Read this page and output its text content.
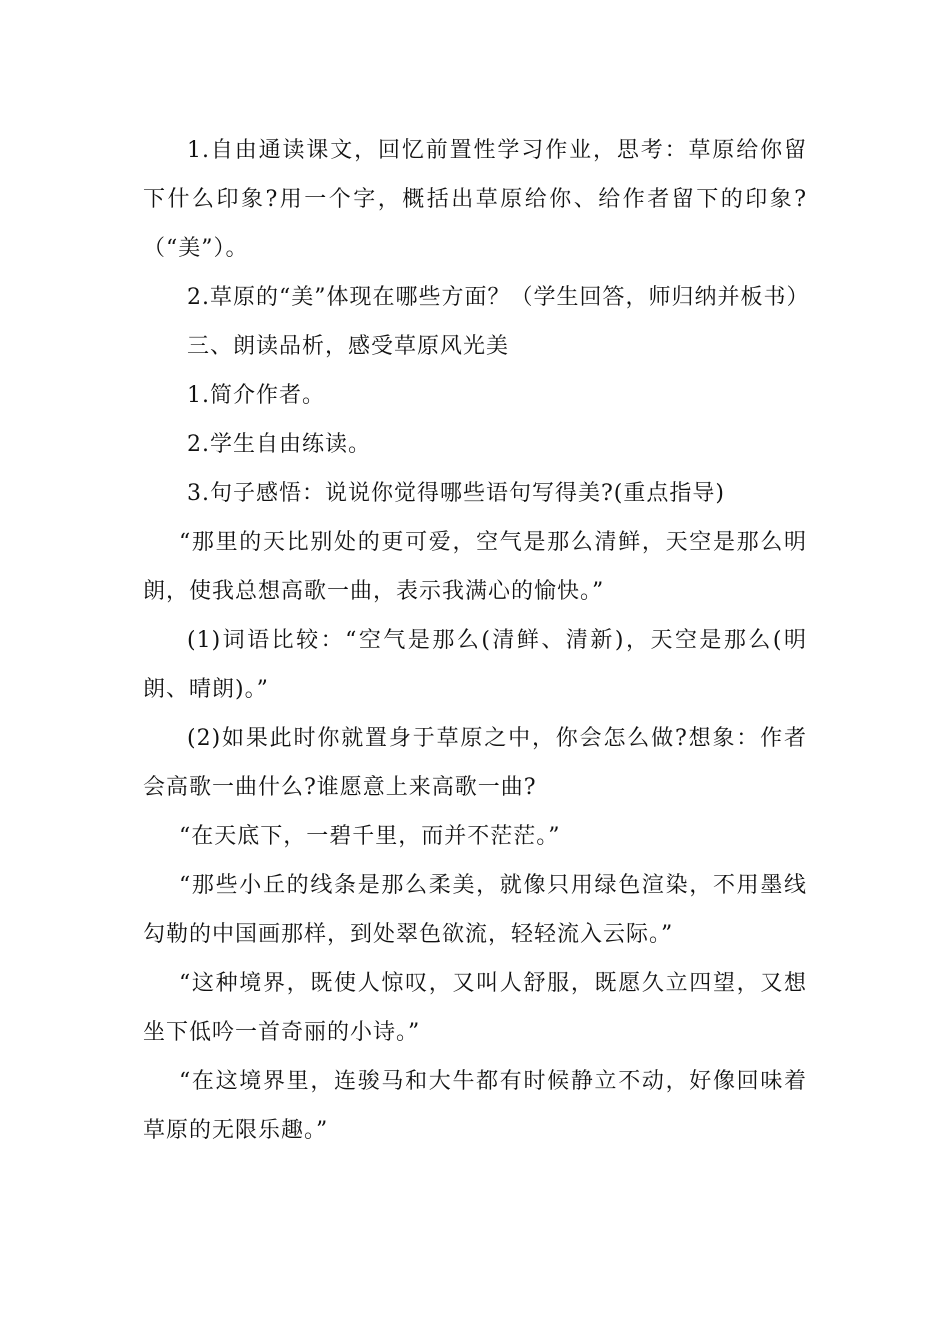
1.自由通读课文，回忆前置性学习作业，思考：草原给你留下什么印象?用一个字，概括出草原给你、给作者留下的印象?（“美”）。

2.草原的“美”体现在哪些方面？（学生回答，师归纳并板书）

三、朗读品析，感受草原风光美

1.简介作者。

2.学生自由练读。

3.句子感悟：说说你觉得哪些语句写得美?(重点指导)

“那里的天比别处的更可爱，空气是那么清鲜，天空是那么明朗，使我总想高歌一曲，表示我满心的愉快。”

(1)词语比较：“空气是那么(清鲜、清新)，天空是那么(明朗、晴朗)。”

(2)如果此时你就置身于草原之中，你会怎么做?想象：作者会高歌一曲什么?谁愿意上来高歌一曲?

“在天底下，一碧千里，而并不茫茫。”

“那些小丘的线条是那么柔美，就像只用绿色渲染，不用墨线勾勒的中国画那样，到处翠色欲流，轻轻流入云际。”

“这种境界，既使人惊叹，又叫人舒服，既愿久立四望，又想坐下低吟一首奇丽的小诗。”

“在这境界里，连骏马和大牛都有时候静立不动，好像回味着草原的无限乐趣。”
